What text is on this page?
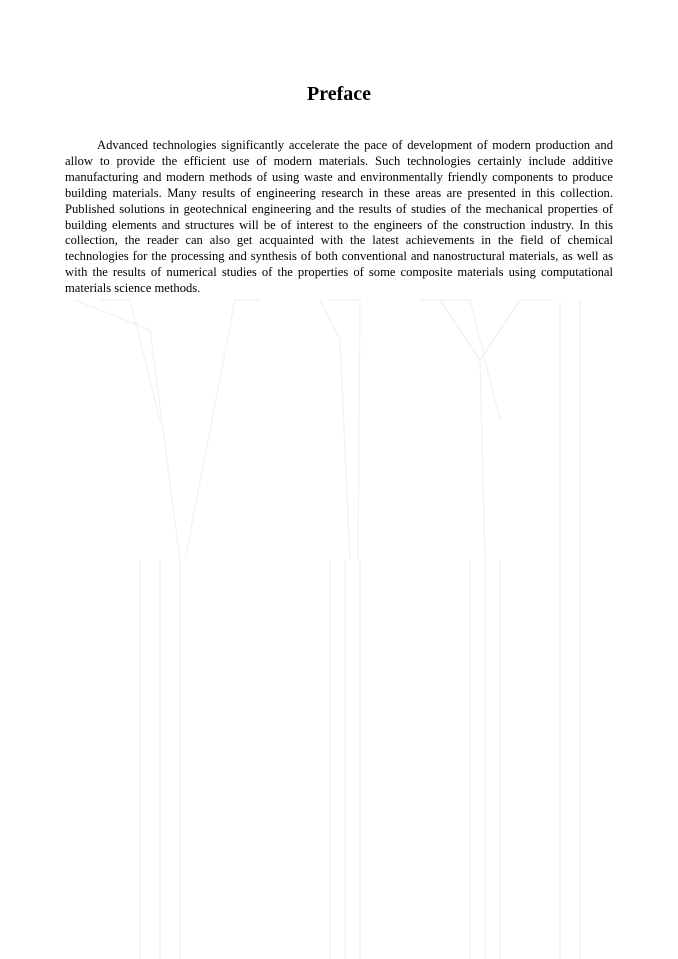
Preface

Advanced technologies significantly accelerate the pace of development of modern production and allow to provide the efficient use of modern materials. Such technologies certainly include additive manufacturing and modern methods of using waste and environmentally friendly components to produce building materials. Many results of engineering research in these areas are presented in this collection. Published solutions in geotechnical engineering and the results of studies of the mechanical properties of building elements and structures will be of interest to the engineers of the construction industry. In this collection, the reader can also get acquainted with the latest achievements in the field of chemical technologies for the processing and synthesis of both conventional and nanostructural materials, as well as with the results of numerical studies of the properties of some composite materials using computational materials science methods.
